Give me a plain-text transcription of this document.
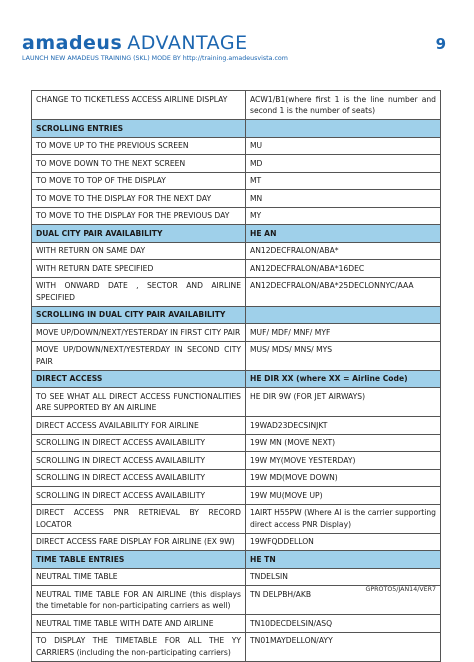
amadeus ADVANTAGE	9
LAUNCH NEW AMADEUS TRAINING (SKL) MODE BY http://training.amadeusvista.com
CHANGE TO TICKETLESS ACCESS AIRLINE DISPLAY	ACW1/B1(where first 1 is the line number and second 1 is the number of seats)
SCROLLING ENTRIES	
TO MOVE UP TO THE PREVIOUS SCREEN	MU
TO MOVE DOWN TO THE NEXT SCREEN	MD
TO MOVE TO TOP OF THE DISPLAY	MT
TO MOVE TO THE DISPLAY FOR THE NEXT DAY	MN
TO MOVE TO THE DISPLAY FOR THE PREVIOUS DAY	MY
DUAL CITY PAIR AVAILABILITY	HE AN
WITH RETURN ON SAME DAY	AN12DECFRALON/ABA*
WITH RETURN DATE SPECIFIED	AN12DECFRALON/ABA*16DEC
WITH ONWARD DATE , SECTOR AND AIRLINE SPECIFIED	AN12DECFRALON/ABA*25DECLONNYC/AAA
SCROLLING IN DUAL CITY PAIR AVAILABILITY	
MOVE UP/DOWN/NEXT/YESTERDAY IN FIRST CITY PAIR	MUF/ MDF/ MNF/ MYF
MOVE UP/DOWN/NEXT/YESTERDAY IN SECOND CITY PAIR	MUS/ MDS/ MNS/ MYS
DIRECT ACCESS	HE DIR XX (where XX = Airline Code)
TO SEE WHAT ALL DIRECT ACCESS FUNCTIONALITIES ARE SUPPORTED BY AN AIRLINE	HE DIR 9W (FOR JET AIRWAYS)
DIRECT ACCESS AVAILABILITY FOR AIRLINE	19WAD23DECSINJKT
SCROLLING IN DIRECT ACCESS AVAILABILITY	19W MN (MOVE NEXT)
SCROLLING IN DIRECT ACCESS AVAILABILITY	19W MY(MOVE YESTERDAY)
SCROLLING IN DIRECT ACCESS AVAILABILITY	19W MD(MOVE DOWN)
SCROLLING IN DIRECT ACCESS AVAILABILITY	19W MU(MOVE UP)
DIRECT ACCESS PNR RETRIEVAL BY RECORD LOCATOR	1AIRT H55PW (Where AI is the carrier supporting direct access PNR Display)
DIRECT ACCESS FARE DISPLAY FOR AIRLINE (EX 9W)	19WFQDDELLON
TIME TABLE ENTRIES	HE TN
NEUTRAL TIME TABLE	TNDELSIN
NEUTRAL TIME TABLE FOR AN AIRLINE (this displays the timetable for non-participating carriers as well)	TN DELPBH/AKB
NEUTRAL TIME TABLE WITH DATE AND AIRLINE	TN10DECDELSIN/ASQ
TO DISPLAY THE TIMETABLE FOR ALL THE YY CARRIERS (including the non-participating carriers)	TN01MAYDELLON/AYY
GPROTO5/JAN14/VER7
